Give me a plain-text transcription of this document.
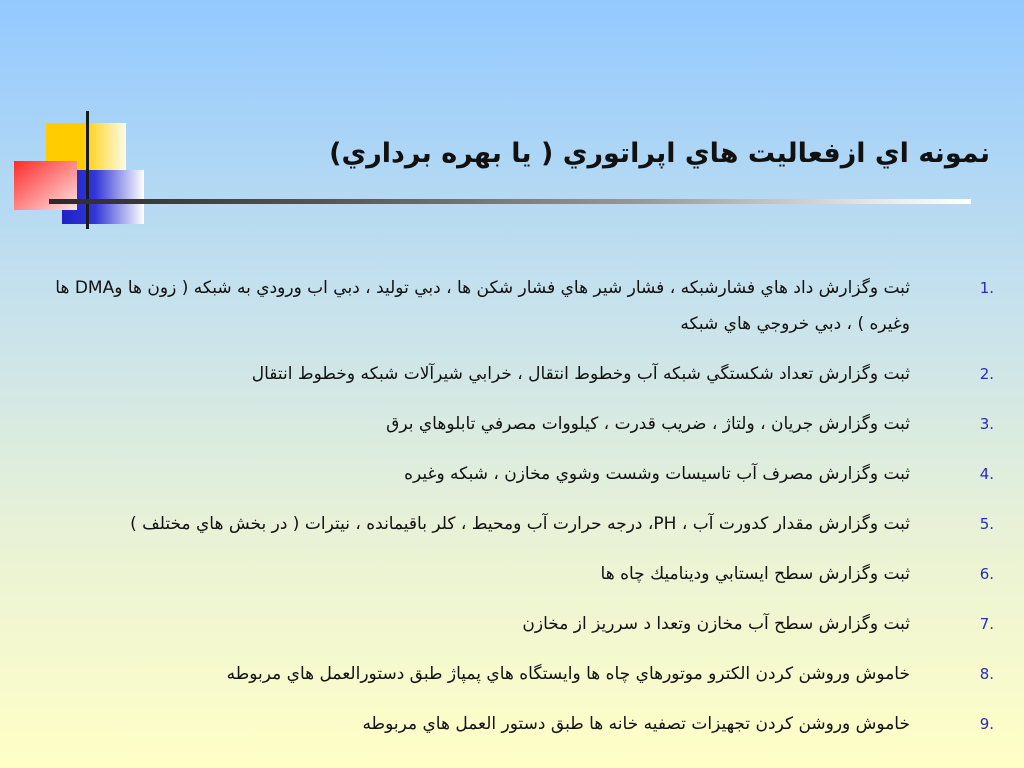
نمونه اي ازفعاليت هاي اپراتوري ( يا بهره برداري)
1.
ثبت وگزارش داد هاي فشارشبكه ، فشار شير هاي فشار شكن ها ، دبي توليد ، دبي اب ورودي به شبكه ( زون ها وDMA ها وغيره ) ، دبي خروجي هاي شبكه
2.
ثبت وگزارش تعداد شكستگي شبكه آب وخطوط انتقال ، خرابي شيرآلات شبكه وخطوط انتقال
3.
ثبت وگزارش جريان ، ولتاژ ، ضريب قدرت ، كيلووات مصرفي تابلوهاي برق
4.
ثبت وگزارش مصرف آب تاسيسات وشست وشوي مخازن ، شبكه وغيره
5.
ثبت وگزارش مقدار كدورت آب ، PH، درجه حرارت آب ومحيط ، كلر باقيمانده ، نيترات ( در بخش هاي مختلف )
6.
ثبت وگزارش سطح ايستابي وديناميك چاه ها
7.
ثبت وگزارش سطح آب مخازن وتعدا د سرريز از مخازن
8.
خاموش وروشن كردن الكترو موتورهاي چاه ها وايستگاه هاي پمپاژ طبق دستورالعمل هاي مربوطه
9.
خاموش وروشن كردن تجهيزات تصفيه خانه ها طبق دستور العمل هاي مربوطه
